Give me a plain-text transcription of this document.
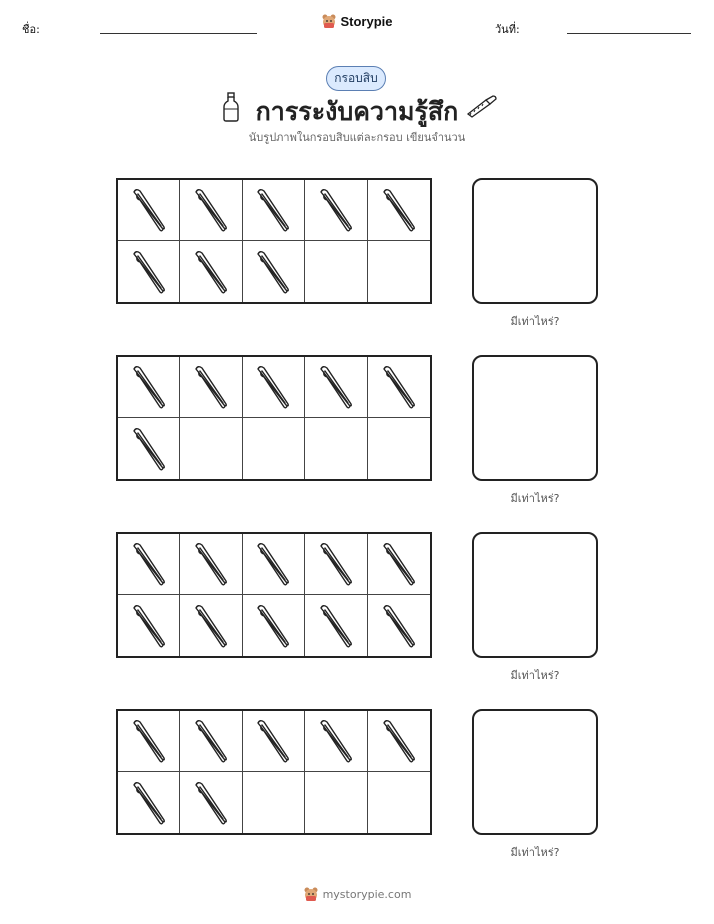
ชื่อ:
Storypie
วันที่:
กรอบสิบ
การระงับความรู้สึก
นับรูปภาพในกรอบสิบแต่ละกรอบ เขียนจำนวน
มีเท่าไหร่?
มีเท่าไหร่?
มีเท่าไหร่?
มีเท่าไหร่?
mystorypie.com
